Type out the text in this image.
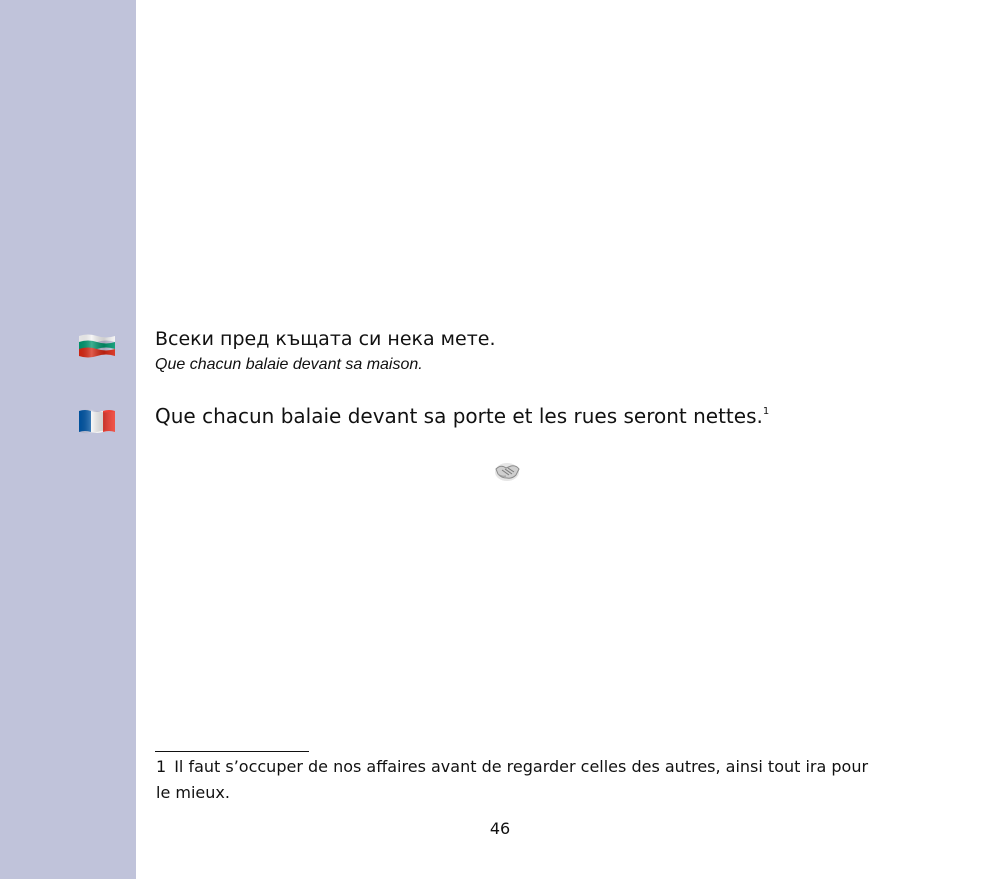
Всеки пред къщата си нека мете.
Que chacun balaie devant sa maison.
Que chacun balaie devant sa porte et les rues seront nettes.$^1$
1 Il faut s’occuper de nos affaires avant de regarder celles des autres, ainsi tout ira pour le mieux.
46
